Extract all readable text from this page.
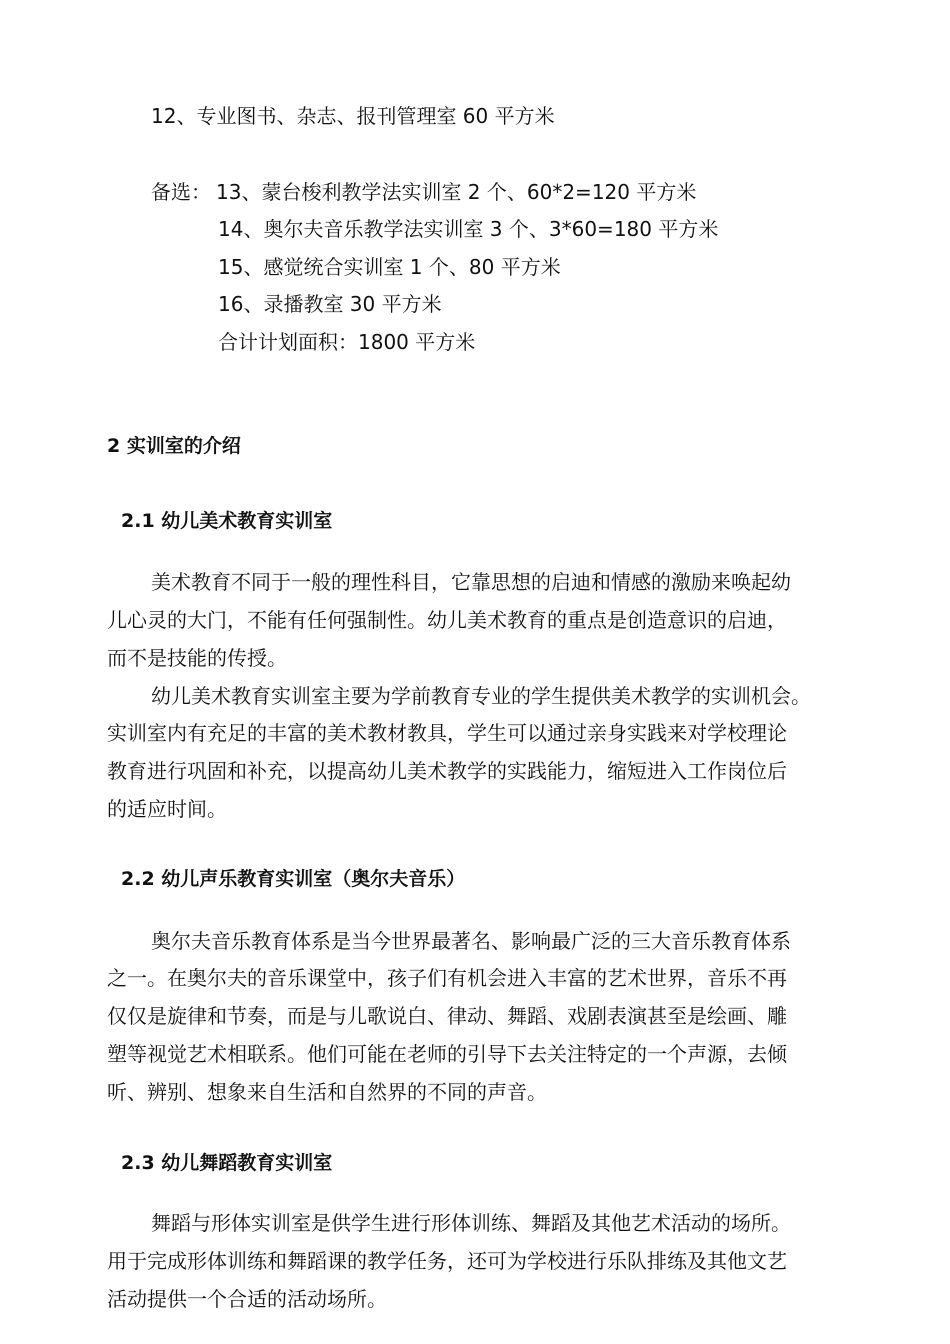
12、专业图书、杂志、报刊管理室 60 平方米
备选： 13、蒙台梭利教学法实训室 2 个、60*2=120 平方米
14、奥尔夫音乐教学法实训室 3 个、3*60=180 平方米
15、感觉统合实训室 1 个、80 平方米
16、录播教室 30 平方米
合计计划面积：1800 平方米
2 实训室的介绍
2.1 幼儿美术教育实训室
美术教育不同于一般的理性科目，它靠思想的启迪和情感的激励来唤起幼
儿心灵的大门，不能有任何强制性。幼儿美术教育的重点是创造意识的启迪，
而不是技能的传授。
幼儿美术教育实训室主要为学前教育专业的学生提供美术教学的实训机会。
实训室内有充足的丰富的美术教材教具，学生可以通过亲身实践来对学校理论
教育进行巩固和补充，以提高幼儿美术教学的实践能力，缩短进入工作岗位后
的适应时间。
2.2 幼儿声乐教育实训室（奥尔夫音乐）
奥尔夫音乐教育体系是当今世界最著名、影响最广泛的三大音乐教育体系
之一。在奥尔夫的音乐课堂中，孩子们有机会进入丰富的艺术世界，音乐不再
仅仅是旋律和节奏，而是与儿歌说白、律动、舞蹈、戏剧表演甚至是绘画、雕
塑等视觉艺术相联系。他们可能在老师的引导下去关注特定的一个声源，去倾
听、辨别、想象来自生活和自然界的不同的声音。
2.3 幼儿舞蹈教育实训室
舞蹈与形体实训室是供学生进行形体训练、舞蹈及其他艺术活动的场所。
用于完成形体训练和舞蹈课的教学任务，还可为学校进行乐队排练及其他文艺
活动提供一个合适的活动场所。
